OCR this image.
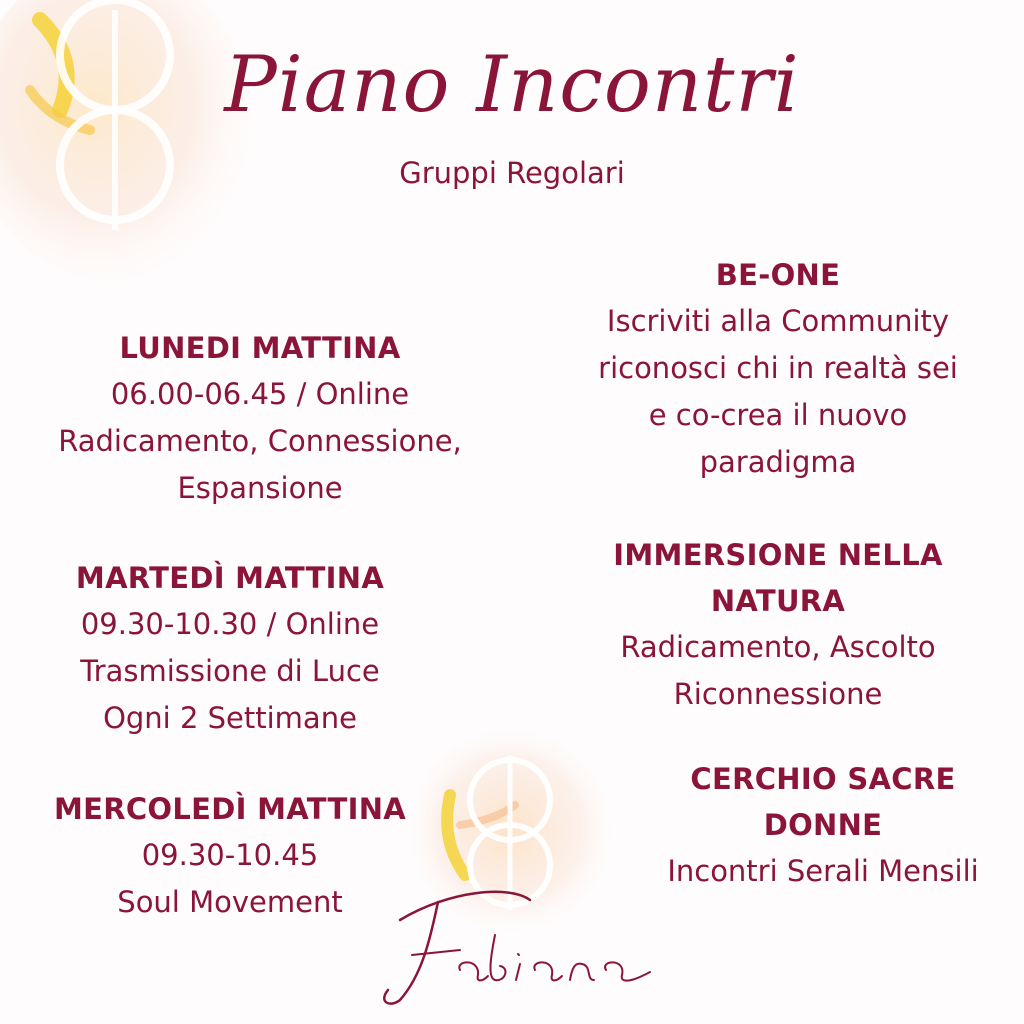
Piano Incontri
Gruppi Regolari
LUNEDI MATTINA

06.00-06.45 / Online

Radicamento, Connessione,

Espansione

MARTEDÌ MATTINA

09.30-10.30 / Online

Trasmissione di Luce

Ogni 2 Settimane

MERCOLEDÌ MATTINA

09.30-10.45

Soul Movement

BE-ONE

Iscriviti alla Community

riconosci chi in realtà sei

e co-crea il nuovo

paradigma

IMMERSIONE NELLA
NATURA

Radicamento, Ascolto

Riconnessione

CERCHIO SACRE
DONNE

Incontri Serali Mensili
